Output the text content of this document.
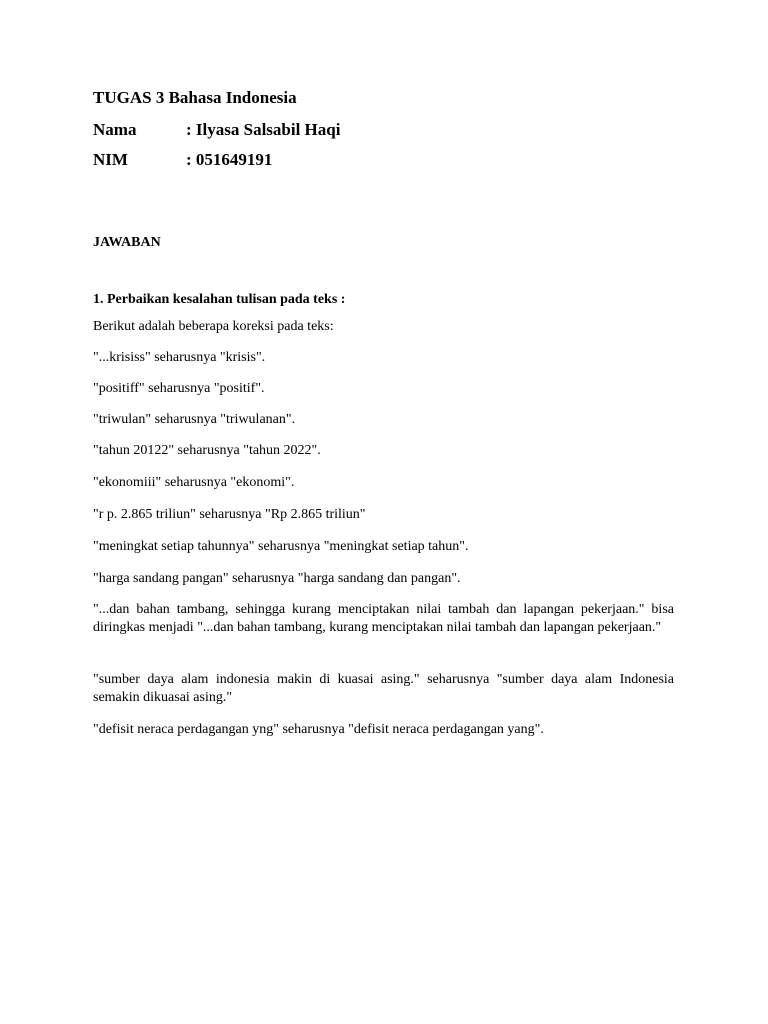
TUGAS 3 Bahasa Indonesia
Nama	: Ilyasa Salsabil Haqi
NIM	: 051649191
JAWABAN
1. Perbaikan kesalahan tulisan pada teks :
Berikut adalah beberapa koreksi pada teks:
"...krisiss" seharusnya "krisis".
"positiff" seharusnya "positif".
"triwulan" seharusnya "triwulanan".
"tahun 20122" seharusnya "tahun 2022".
"ekonomiii" seharusnya "ekonomi".
"r p. 2.865 triliun" seharusnya "Rp 2.865 triliun"
"meningkat setiap tahunnya" seharusnya "meningkat setiap tahun".
"harga sandang pangan" seharusnya "harga sandang dan pangan".
"...dan bahan tambang, sehingga kurang menciptakan nilai tambah dan lapangan pekerjaan." bisa diringkas menjadi "...dan bahan tambang, kurang menciptakan nilai tambah dan lapangan pekerjaan."
"sumber daya alam indonesia makin di kuasai asing." seharusnya "sumber daya alam Indonesia semakin dikuasai asing."
"defisit neraca perdagangan yng" seharusnya "defisit neraca perdagangan yang".
